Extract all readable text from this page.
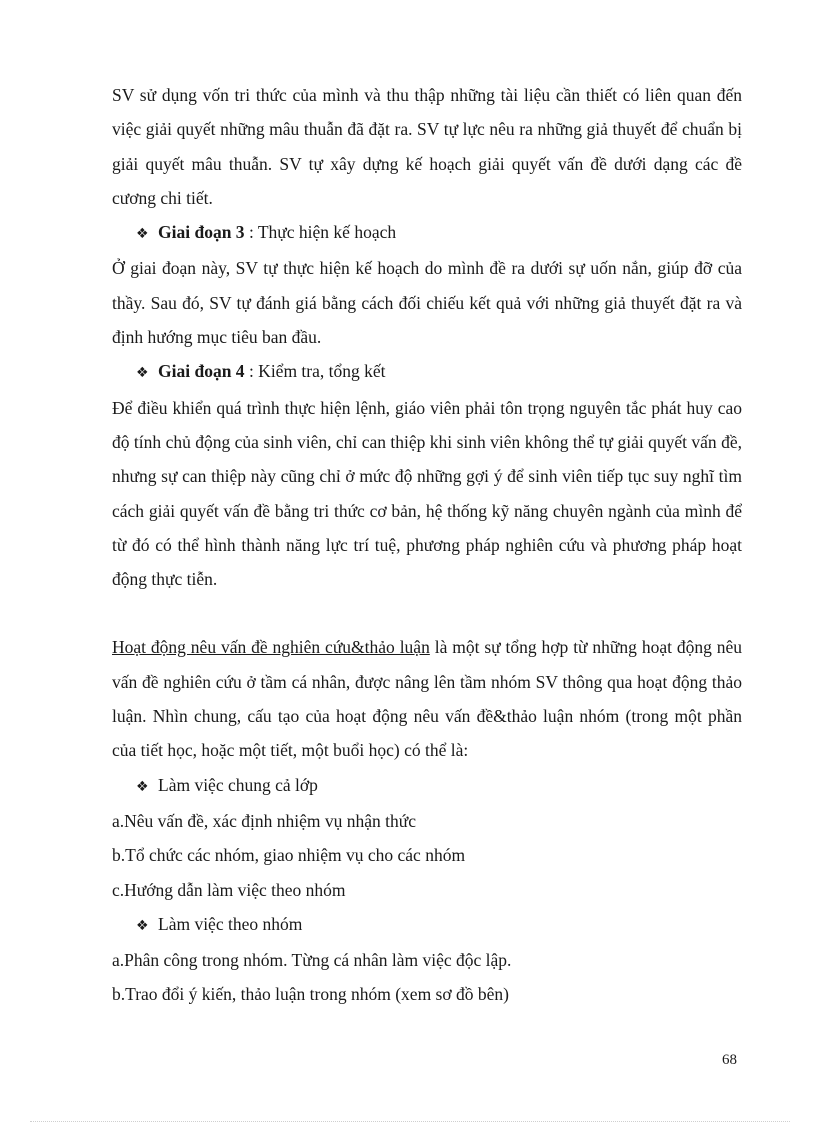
SV sử dụng vốn tri thức của mình và thu thập những tài liệu cần thiết có liên quan đến việc giải quyết những mâu thuẫn đã đặt ra. SV tự lực nêu ra những giả thuyết để chuẩn bị giải quyết mâu thuẫn. SV tự xây dựng kế hoạch giải quyết vấn đề dưới dạng các đề cương chi tiết.

❖ Giai đoạn 3 : Thực hiện kế hoạch

Ở giai đoạn này, SV tự thực hiện kế hoạch do mình đề ra dưới sự uốn nắn, giúp đỡ của thầy. Sau đó, SV tự đánh giá bằng cách đối chiếu kết quả với những giả thuyết đặt ra và định hướng mục tiêu ban đầu.

❖ Giai đoạn 4 : Kiểm tra, tổng kết

Để điều khiển quá trình thực hiện lệnh, giáo viên phải tôn trọng nguyên tắc phát huy cao độ tính chủ động của sinh viên, chỉ can thiệp khi sinh viên không thể tự giải quyết vấn đề, nhưng sự can thiệp này cũng chỉ ở mức độ những gợi ý để sinh viên tiếp tục suy nghĩ tìm cách giải quyết vấn đề bằng tri thức cơ bản, hệ thống kỹ năng chuyên ngành của mình để từ đó có thể hình thành năng lực trí tuệ, phương pháp nghiên cứu và phương pháp hoạt động thực tiễn.

Hoạt động nêu vấn đề nghiên cứu&thảo luận là một sự tổng hợp từ những hoạt động nêu vấn đề nghiên cứu ở tầm cá nhân, được nâng lên tầm nhóm SV thông qua hoạt động thảo luận. Nhìn chung, cấu tạo của hoạt động nêu vấn đề&thảo luận nhóm (trong một phần của tiết học, hoặc một tiết, một buổi học) có thể là:

❖ Làm việc chung cả lớp

a.Nêu vấn đề, xác định nhiệm vụ nhận thức

b.Tổ chức các nhóm, giao nhiệm vụ cho các nhóm

c.Hướng dẫn làm việc theo nhóm

❖ Làm việc theo nhóm

a.Phân công trong nhóm. Từng cá nhân làm việc độc lập.

b.Trao đổi ý kiến, thảo luận trong nhóm (xem sơ đồ bên)

68
